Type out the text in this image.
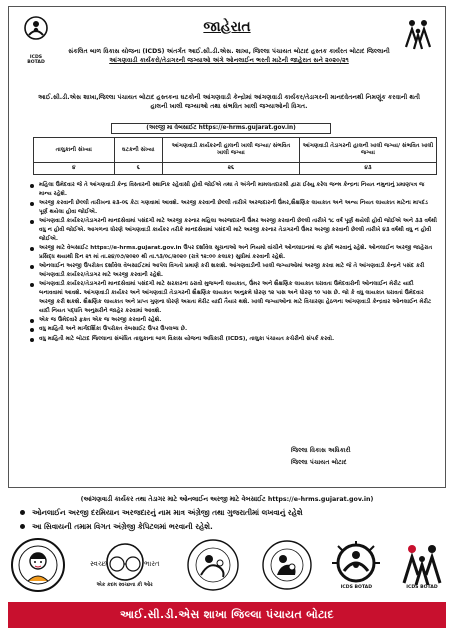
ICDS BOTAD
જાહેરાત
સંકલિત બાળ વિકાસ યોજના (ICDS) અંતર્ગત આઈ.સી.ડી.એસ. શાખા, જિલ્લા પંચાયત બોટાદ હસ્તક કાર્યરત બોટાદ જિલ્લાની
આંગણવાડી કાર્યકરો/તેડાગરની જગ્યાઓ અંગે ઓનલાઈન ભરતી માટેની જાહેરાત સને ૨૦૨૦/૨૧
આઈ.સી.ડી.એસ શાખા,જિલ્લા પંચાયત બોટાદ હસ્તકના ઘટકોની આંગણવાડી કેન્દ્રોમાં આંગણવાડી કાર્યકર/તેડાગરની માનદવેતનથી નિમણૂંક કરવાની થતી હાલની ખાલી જગ્યાઓ તથા સંભવિત ખાલી જગ્યાઓની વિગત.
(અરજી મા વેબસાઈટ https://e-hrms.gujarat.gov.in)
તાલુકાની સંખ્યા	ઘટકની સંખ્યા	આંગણવાડી કાર્યકરની હાલની ખાલી જગ્યા/ સંભવિત ખાલી જગ્યા	આંગણવાડી તેડાગરની હાલની ખાલી જગ્યા/ સંભવિત ખાલી જગ્યા
૪	૬	૨૬	૪૩
મહિલા ઉમેદવાર જે તે આંગણવાડી કેન્દ્ર વિસ્તારની સ્થાનિક રહેવાસી હોવી જોઈએ તથા તે અંગેની મામલતદારશ્રી દ્વારા ઈસ્યુ કરેલ જન્મ કેન્દ્રના નિયત નમુનાનું પ્રમાણપત્ર જ માન્ય રહેશે.
અરજી કરવાની છેલ્લી તારીખના ૨૩-૦૬ કેટા ગણવામાં આવશે. અરજી કરવાની છેલ્લી તારીખે અરજદારની ઉંમર,શૈક્ષણિક લાયકાત અને અન્ય નિયત લાયકાત માટેના માપદંડ પૂર્ણ થયેલા હોવા જોઈએ.
આંગણવાડી કાર્યકર/તેડાગરની માનદસેવામાં પસંદગી માટે અરજી કરનાર મહિલા અરજદારની ઉંમર અરજી કરવાની છેલ્લી તારીખે ૧૮ વર્ષ પૂર્ણ થયેલી હોવી જોઈએ અને ૩૩ વર્ષથી વધુ ન હોવી જોઈએ. આગળના ધોરણે આંગણવાડી કાર્યકર તરીકે માનદસેવામાં પસંદગી માટે અરજી કરનાર તેડાગરની ઉંમર અરજી કરવાની છેલ્લી તારીખે ૪૩ વર્ષથી વધુ ન હોવી જોઈએ.
અરજી માટે વેબસાઈટ https://e-hrms.gujarat.gov.in ઉપર દર્શાવેલ સૂચનાઓ અને નિયમો વાંચીને ઓનલાઇનમાં જ ફોર્મ ભરવાનું રહેશે. ઓનલાઈન અરજી જાહેરાત પ્રસિદ્ધ થયાથી દિન ૨૧ માં તા.૨૪/૦૭/૨૦૨૦ થી તા.૧૩/૦૮/૨૦૨૦ (રાત્રે ૧૨:૦૦ કલાક) સુધીમાં કરવાની રહેશે.
ઓનલાઈન અરજી ઉપરોક્ત દર્શાવેલ વેબસાઈટમાં આપેલ વિગતો પ્રમાણે કરી શકાશે. આંગણવાડીની ખાલી જગ્યાઓમાં અરજી કરવા માટે જે તે આંગણવાડી કેન્દ્રને પસંદ કરી આંગણવાડી કાર્યકર/તેડાગર માટે અરજી કરવાની રહેશે.
આંગણવાડી કાર્યકર/તેડાગરની માનદસેવામાં પસંદગી માટે સરકારના ઠરાવો મુજબની લાયકાત, ઉંમર અને શૈક્ષણિક લાયકાત ધરાવતા ઉમેદવારોની ઓનલાઈન મેરીટ યાદી બનાવવામાં આવશે. આંગણવાડી કાર્યકર અને આંગણવાડી તેડાગરની શૈક્ષણિક લાયકાત અનુક્રમે ધોરણ ૧૨ પાસ અને ધોરણ ૧૦ પાસ છે. જો કે વધુ લાયકાત ધરાવતાં ઉમેદવાર અરજી કરી શકશે. શૈક્ષણિક લાયકાત અને પ્રાપ્ત ગુણના ધોરણે અગ્રતા મેરીટ યાદી તૈયાર થશે. ખાલી જગ્યાઓના માટે વિચારણા હેઠળના આંગણવાડી કેન્દ્રવાર ઓનલાઈન મેરીટ યાદી નિયત પદ્ધતિ અનુસરીને જાહેર કરવામાં આવશે.
એક જ ઉમેદવારે ફક્ત એક જ અરજી કરવાની રહેશે.
વધુ માહિતી અને માર્ગદર્શિકા ઉપરોક્ત વેબસાઈટ ઉપર ઉપલબ્ધ છે.
વધુ માહિતી માટે બોટાદ જિલ્લાના સંબંધિત તાલુકાના બાળ વિકાસ યોજના અધિકારી (ICDS), તાલુકા પંચાયત કચેરીનો સંપર્ક કરવો.
જિલ્લા વિકાસ અધિકારી
જિલ્લા પંચાયત બોટાદ
(આંગણવાડી કાર્યકર તથા તેડાગર માટે ઓનલાઈન અરજી માટે વેબસાઈટ https://e-hrms.gujarat.gov.in)
ઓનલાઈન અરજી દરમિયાન અરજદારનું નામ માત્ર અંગ્રેજી તથા ગુજરાતીમાં લખવાનું રહેશે
આ સિવાયની તમામ વિગત અંગ્રેજી કેપિટલમાં ભરવાની રહેશે.
સ્વચ્છ	ભારત
એક કદમ સ્વચ્છતા કી ઓર	ICDS BOTAD	ICDS BOTAD
આઈ.સી.ડી.એસ શાખા જિલ્લા પંચાયત બોટાદ
